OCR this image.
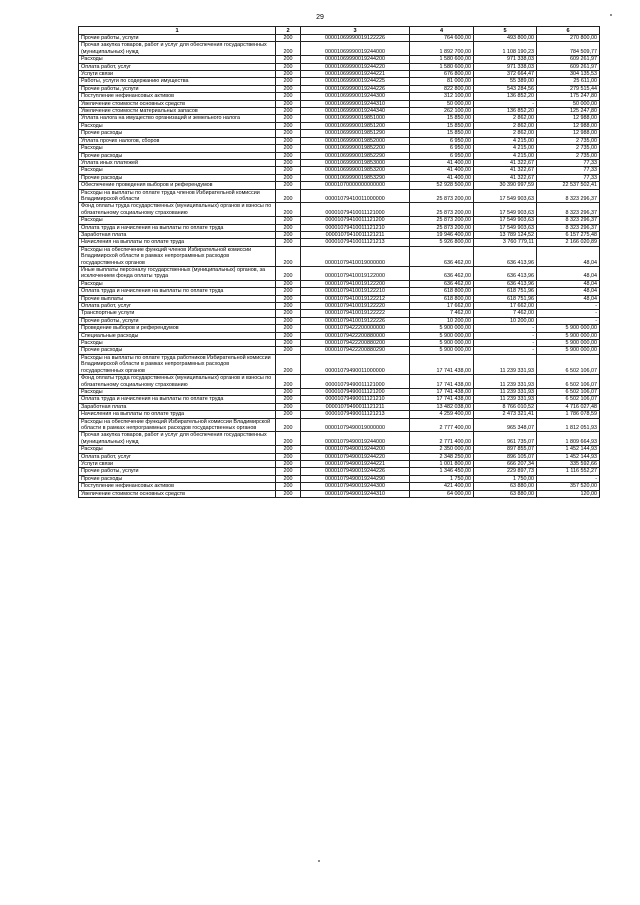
29
1	2	3	4	5	6
Прочие работы, услуги	200	00001069990019122226	764 600,00	493 800,00	270 800,00
Прочая закупка товаров, работ и услуг для обеспечения государственных (муниципальных) нужд	200	00001069990019244000	1 892 700,00	1 108 190,23	784 509,77
Расходы	200	00001069990019244200	1 580 600,00	971 338,03	609 261,97
Оплата работ, услуг	200	00001069990019244220	1 580 600,00	971 338,03	609 261,97
Услуги связи	200	00001069990019244221	676 800,00	372 664,47	304 135,53
Работы, услуги по содержанию имущества	200	00001069990019244225	81 000,00	55 389,00	25 611,00
Прочие работы, услуги	200	00001069990019244226	822 800,00	543 284,56	279 515,44
Поступление нефинансовых активов	200	00001069990019244300	312 100,00	136 852,20	175 247,80
Увеличение стоимости основных средств	200	00001069990019244310	50 000,00	-	50 000,00
Увеличение стоимости материальных запасов	200	00001069990019244340	262 100,00	136 852,20	125 247,80
Уплата налога на имущество организаций и земельного налога	200	00001069990019851000	15 850,00	2 862,00	12 988,00
Расходы	200	00001069990019851200	15 850,00	2 862,00	12 988,00
Прочие расходы	200	00001069990019851290	15 850,00	2 862,00	12 988,00
Уплата прочих налогов, сборов	200	00001069990019852000	6 950,00	4 215,00	2 735,00
Расходы	200	00001069990019852200	6 950,00	4 215,00	2 735,00
Прочие расходы	200	00001069990019852290	6 950,00	4 215,00	2 735,00
Уплата иных платежей	200	00001069990019853000	41 400,00	41 322,67	77,33
Расходы	200	00001069990019853200	41 400,00	41 322,67	77,33
Прочие расходы	200	00001069990019853290	41 400,00	41 322,67	77,33
Обеспечение проведения выборов и референдумов	200	00001070000000000000	52 928 500,00	30 390 997,59	22 537 502,41
Расходы на выплаты по оплате труда членов Избирательной комиссии Владимирской области	200	00001079410011000000	25 873 200,00	17 549 903,63	8 323 296,37
Фонд оплаты труда государственных (муниципальных) органов и взносы по обязательному социальному страхованию	200	00001079410011121000	25 873 200,00	17 549 903,63	8 323 296,37
Расходы	200	00001079410011121200	25 873 200,00	17 549 903,63	8 323 296,37
Оплата труда и начисления на выплаты по оплате труда	200	00001079410011121210	25 873 200,00	17 549 903,63	8 323 296,37
Заработная плата	200	00001079410011121211	19 946 400,00	13 789 124,52	6 157 275,48
Начисления на выплаты по оплате труда	200	00001079410011121213	5 926 800,00	3 760 779,11	2 166 020,89
Расходы на обеспечение функций членов Избирательной комиссии Владимирской области в рамках непрограммных расходов государственных органов	200	00001079410019000000	636 462,00	636 413,96	48,04
Иные выплаты персоналу государственных (муниципальных) органов, за исключением фонда оплаты труда	200	00001079410019122000	636 462,00	636 413,96	48,04
Расходы	200	00001079410019122200	636 462,00	636 413,96	48,04
Оплата труда и начисления на выплаты по оплате труда	200	00001079410019122210	618 800,00	618 751,96	48,04
Прочие выплаты	200	00001079410019122212	618 800,00	618 751,96	48,04
Оплата работ, услуг	200	00001079410019122220	17 662,00	17 662,00	-
Транспортные услуги	200	00001079410019122222	7 462,00	7 462,00	-
Прочие работы, услуги	200	00001079410019122226	10 200,00	10 200,00	-
Проведение выборов и референдумов	200	00001079422200000000	5 900 000,00	-	5 900 000,00
Специальные расходы	200	00001079422200880000	5 900 000,00	-	5 900 000,00
Расходы	200	00001079422200880200	5 900 000,00	-	5 900 000,00
Прочие расходы	200	00001079422200880290	5 900 000,00	-	5 900 000,00
Расходы на выплаты по оплате труда работников Избирательной комиссии Владимирской области в рамках непрограммных расходов государственных органов	200	00001079490011000000	17 741 438,00	11 239 331,93	6 502 106,07
Фонд оплаты труда государственных (муниципальных) органов и взносы по обязательному социальному страхованию	200	00001079490011121000	17 741 438,00	11 239 331,93	6 502 106,07
Расходы	200	00001079490011121200	17 741 438,00	11 239 331,93	6 502 106,07
Оплата труда и начисления на выплаты по оплате труда	200	00001079490011121210	17 741 438,00	11 239 331,93	6 502 106,07
Заработная плата	200	00001079490011121211	13 482 038,00	8 766 010,52	4 716 027,48
Начисления на выплаты по оплате труда	200	00001079490011121213	4 259 400,00	2 473 321,41	1 786 078,59
Расходы на обеспечение функций Избирательной комиссии Владимирской области в рамках непрограммных расходов государственных органов	200	00001079490019000000	2 777 400,00	965 348,07	1 812 051,93
Прочая закупка товаров, работ и услуг для обеспечения государственных (муниципальных) нужд	200	00001079490019244000	2 771 400,00	961 735,07	1 809 664,93
Расходы	200	00001079490019244200	2 350 000,00	897 855,07	1 452 144,93
Оплата работ, услуг	200	00001079490019244220	2 348 250,00	896 105,07	1 452 144,93
Услуги связи	200	00001079490019244221	1 001 800,00	666 207,34	335 592,66
Прочие работы, услуги	200	00001079490019244226	1 346 450,00	229 897,73	1 116 552,27
Прочие расходы	200	00001079490019244290	1 750,00	1 750,00	-
Поступление нефинансовых активов	200	00001079490019244300	421 400,00	63 880,00	357 520,00
Увеличение стоимости основных средств	200	00001079490019244310	64 000,00	63 880,00	120,00
